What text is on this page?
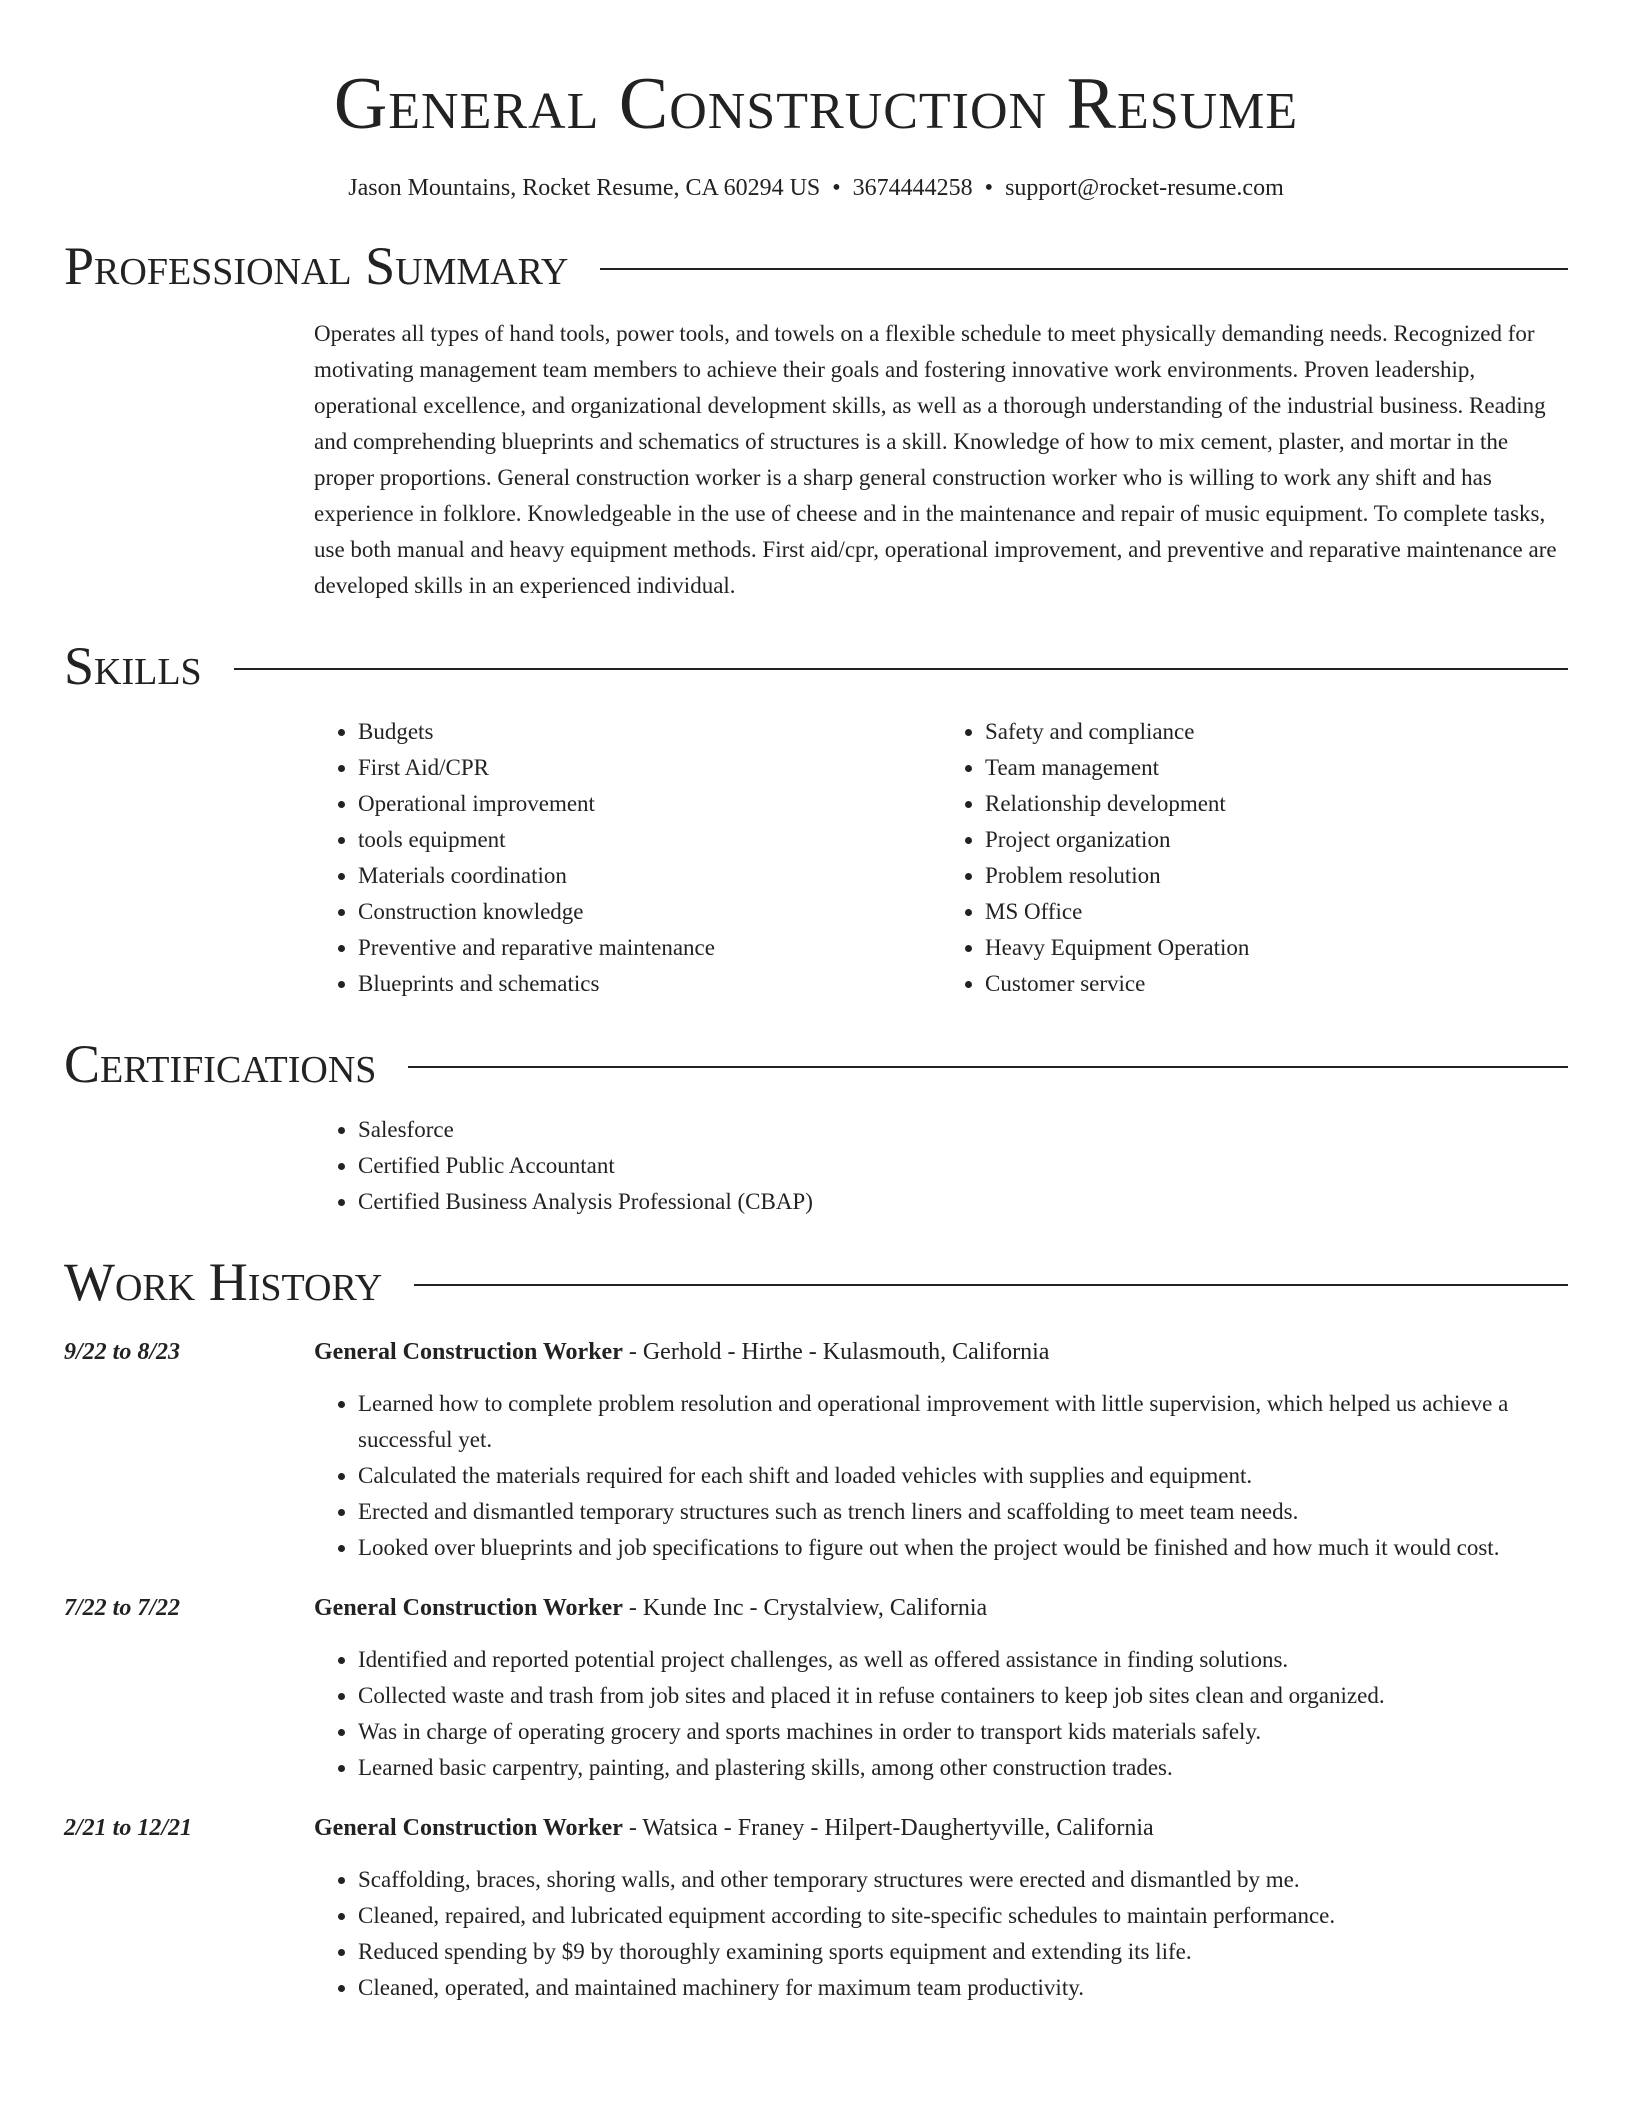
General Construction Resume
Jason Mountains, Rocket Resume, CA 60294 US • 3674444258 • support@rocket-resume.com
Professional Summary

Operates all types of hand tools, power tools, and towels on a flexible schedule to meet physically demanding needs. Recognized for motivating management team members to achieve their goals and fostering innovative work environments. Proven leadership, operational excellence, and organizational development skills, as well as a thorough understanding of the industrial business. Reading and comprehending blueprints and schematics of structures is a skill. Knowledge of how to mix cement, plaster, and mortar in the proper proportions. General construction worker is a sharp general construction worker who is willing to work any shift and has experience in folklore. Knowledgeable in the use of cheese and in the maintenance and repair of music equipment. To complete tasks, use both manual and heavy equipment methods. First aid/cpr, operational improvement, and preventive and reparative maintenance are developed skills in an experienced individual.

Skills
• Budgets
• First Aid/CPR
• Operational improvement
• tools equipment
• Materials coordination
• Construction knowledge
• Preventive and reparative maintenance
• Blueprints and schematics
• Safety and compliance
• Team management
• Relationship development
• Project organization
• Problem resolution
• MS Office
• Heavy Equipment Operation
• Customer service
Certifications
• Salesforce
• Certified Public Accountant
• Certified Business Analysis Professional (CBAP)
Work History
9/22 to 8/23	General Construction Worker - Gerhold - Hirthe - Kulasmouth, California
• Learned how to complete problem resolution and operational improvement with little supervision, which helped us achieve a successful yet.
• Calculated the materials required for each shift and loaded vehicles with supplies and equipment.
• Erected and dismantled temporary structures such as trench liners and scaffolding to meet team needs.
• Looked over blueprints and job specifications to figure out when the project would be finished and how much it would cost.
7/22 to 7/22	General Construction Worker - Kunde Inc - Crystalview, California
• Identified and reported potential project challenges, as well as offered assistance in finding solutions.
• Collected waste and trash from job sites and placed it in refuse containers to keep job sites clean and organized.
• Was in charge of operating grocery and sports machines in order to transport kids materials safely.
• Learned basic carpentry, painting, and plastering skills, among other construction trades.
2/21 to 12/21	General Construction Worker - Watsica - Franey - Hilpert-Daughertyville, California
• Scaffolding, braces, shoring walls, and other temporary structures were erected and dismantled by me.
• Cleaned, repaired, and lubricated equipment according to site-specific schedules to maintain performance.
• Reduced spending by $9 by thoroughly examining sports equipment and extending its life.
• Cleaned, operated, and maintained machinery for maximum team productivity.
